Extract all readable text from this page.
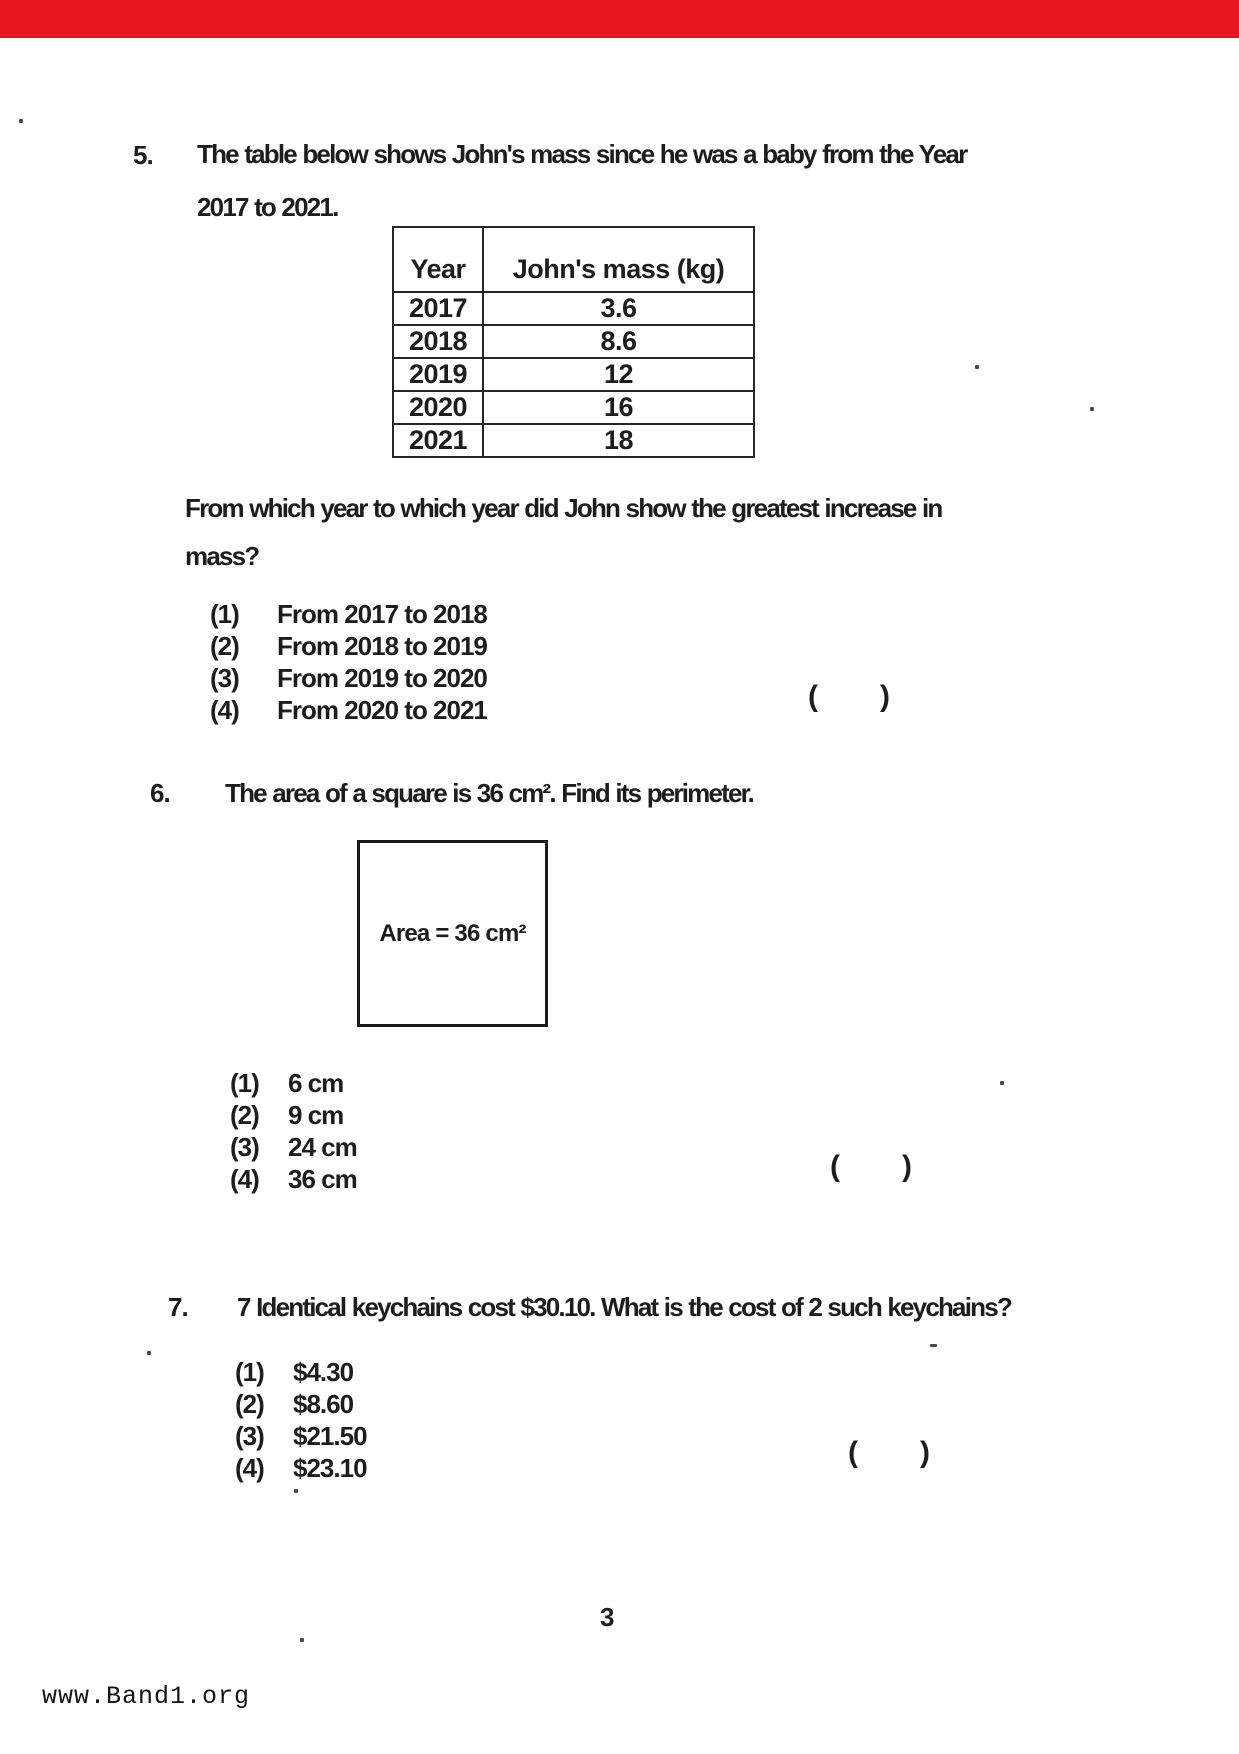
5. The table below shows John's mass since he was a baby from the Year
2017 to 2021.
Year	John's mass (kg)
2017	3.6
2018	8.6
2019	12
2020	16
2021	18
From which year to which year did John show the greatest increase in
mass?
(1) From 2017 to 2018
(2) From 2018 to 2019
(3) From 2019 to 2020
(4) From 2020 to 2021	( )
6. The area of a square is 36 cm². Find its perimeter.
Area = 36 cm²
(1) 6 cm
(2) 9 cm
(3) 24 cm
(4) 36 cm	( )
7. 7 Identical keychains cost $30.10. What is the cost of 2 such keychains?
(1) $4.30
(2) $8.60
(3) $21.50
(4) $23.10	( )
3
www.Band1.org
